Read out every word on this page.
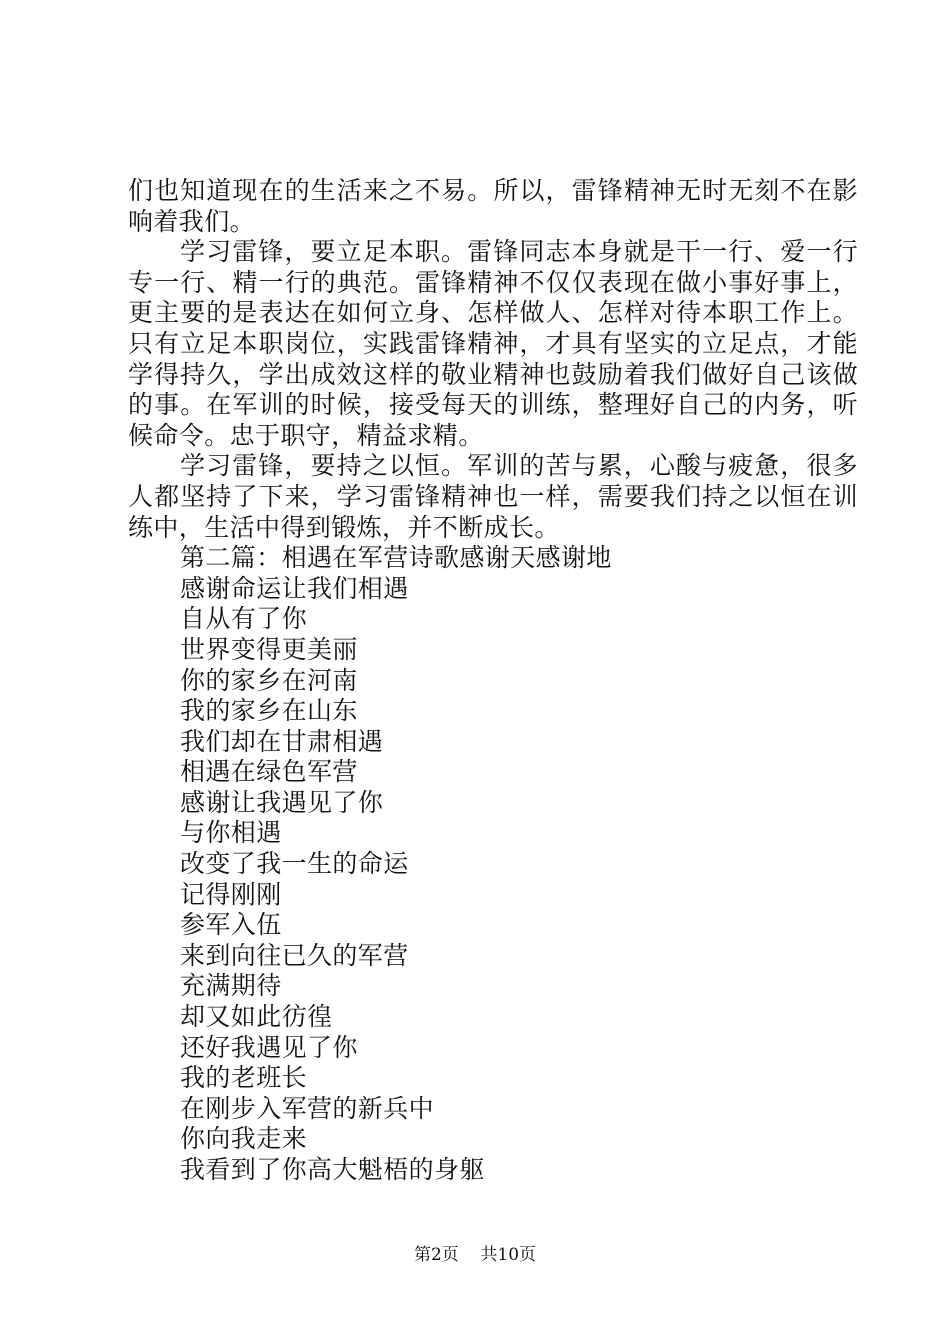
们也知道现在的生活来之不易。所以，雷锋精神无时无刻不在影响着我们。

学习雷锋，要立足本职。雷锋同志本身就是干一行、爱一行专一行、精一行的典范。雷锋精神不仅仅表现在做小事好事上，更主要的是表达在如何立身、怎样做人、怎样对待本职工作上。只有立足本职岗位，实践雷锋精神，才具有坚实的立足点，才能学得持久，学出成效这样的敬业精神也鼓励着我们做好自己该做的事。在军训的时候，接受每天的训练，整理好自己的内务，听候命令。忠于职守，精益求精。

学习雷锋，要持之以恒。军训的苦与累，心酸与疲惫，很多人都坚持了下来，学习雷锋精神也一样，需要我们持之以恒在训练中，生活中得到锻炼，并不断成长。

第二篇：相遇在军营诗歌感谢天感谢地
感谢命运让我们相遇
自从有了你
世界变得更美丽
你的家乡在河南
我的家乡在山东
我们却在甘肃相遇
相遇在绿色军营
感谢让我遇见了你
与你相遇
改变了我一生的命运
记得刚刚
参军入伍
来到向往已久的军营
充满期待
却又如此彷徨
还好我遇见了你
我的老班长
在刚步入军营的新兵中
你向我走来
我看到了你高大魁梧的身躯
第2页 共10页
